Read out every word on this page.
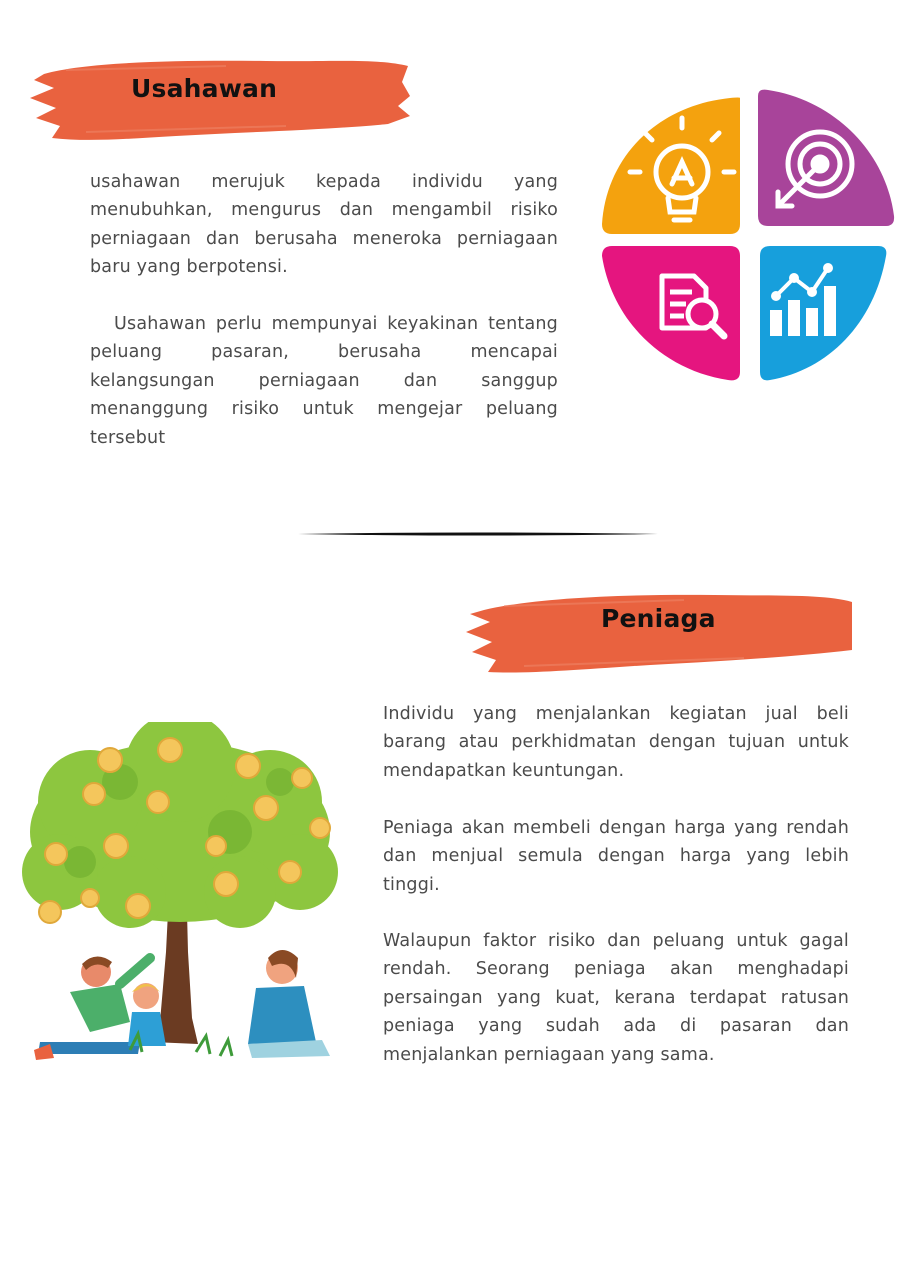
Usahawan

usahawan merujuk kepada individu yang menubuhkan, mengurus dan mengambil risiko perniagaan dan berusaha meneroka perniagaan baru yang berpotensi.

Usahawan perlu mempunyai keyakinan tentang peluang pasaran, berusaha mencapai kelangsungan perniagaan dan sanggup menanggung risiko untuk mengejar peluang tersebut

Peniaga

Individu yang menjalankan kegiatan jual beli barang atau perkhidmatan dengan tujuan untuk mendapatkan keuntungan.

Peniaga akan membeli dengan harga yang rendah dan menjual semula dengan harga yang lebih tinggi.

Walaupun faktor risiko dan peluang untuk gagal rendah. Seorang peniaga akan menghadapi persaingan yang kuat, kerana terdapat ratusan peniaga yang sudah ada di pasaran dan menjalankan perniagaan yang sama.
